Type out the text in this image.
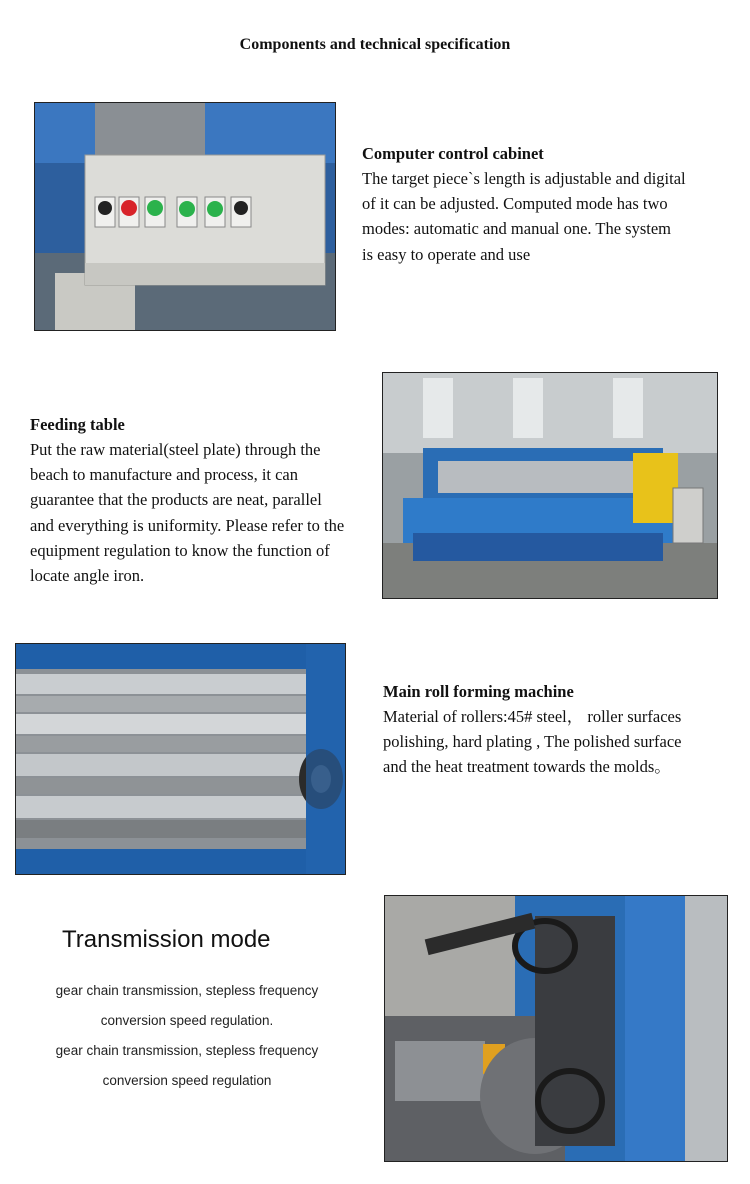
Components and technical specification
Computer control cabinet

The target piece`s length is adjustable and digital

of it can be adjusted. Computed mode has two

modes: automatic and manual one. The system

is easy to operate and use

Feeding table

Put the raw material(steel plate) through the

beach to manufacture and process, it can

guarantee that the products are neat, parallel

and everything is uniformity. Please refer to the

equipment regulation to know the function of

locate angle iron.

Main roll forming machine

Material of rollers:45# steel， roller surfaces

polishing, hard plating , The polished surface

and the heat treatment towards the molds。

Transmission mode
gear chain transmission, stepless frequency
conversion speed regulation.
gear chain transmission, stepless frequency
conversion speed regulation
